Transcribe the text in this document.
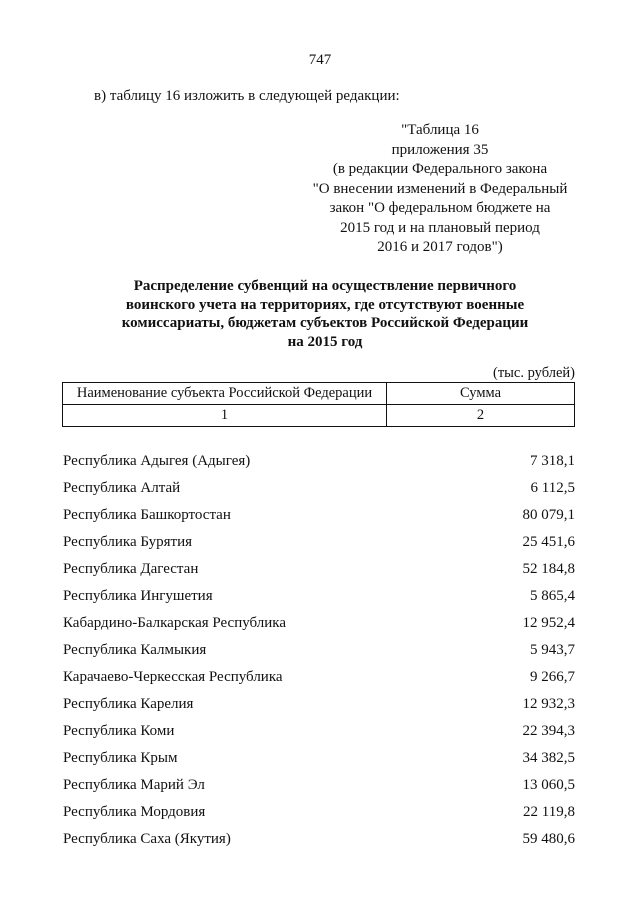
747
в) таблицу 16 изложить в следующей редакции:
"Таблица 16
приложения 35
(в редакции Федерального закона
"О внесении изменений в Федеральный
закон "О федеральном бюджете на
2015 год и на плановый период
2016 и 2017 годов")
Распределение субвенций на осуществление первичного
воинского учета на территориях, где отсутствуют военные
комиссариаты, бюджетам субъектов Российской Федерации
на 2015 год
(тыс. рублей)
Наименование субъекта Российской Федерации	Сумма
1	2
Республика Адыгея (Адыгея)	7 318,1
Республика Алтай	6 112,5
Республика Башкортостан	80 079,1
Республика Бурятия	25 451,6
Республика Дагестан	52 184,8
Республика Ингушетия	5 865,4
Кабардино-Балкарская Республика	12 952,4
Республика Калмыкия	5 943,7
Карачаево-Черкесская Республика	9 266,7
Республика Карелия	12 932,3
Республика Коми	22 394,3
Республика Крым	34 382,5
Республика Марий Эл	13 060,5
Республика Мордовия	22 119,8
Республика Саха (Якутия)	59 480,6
